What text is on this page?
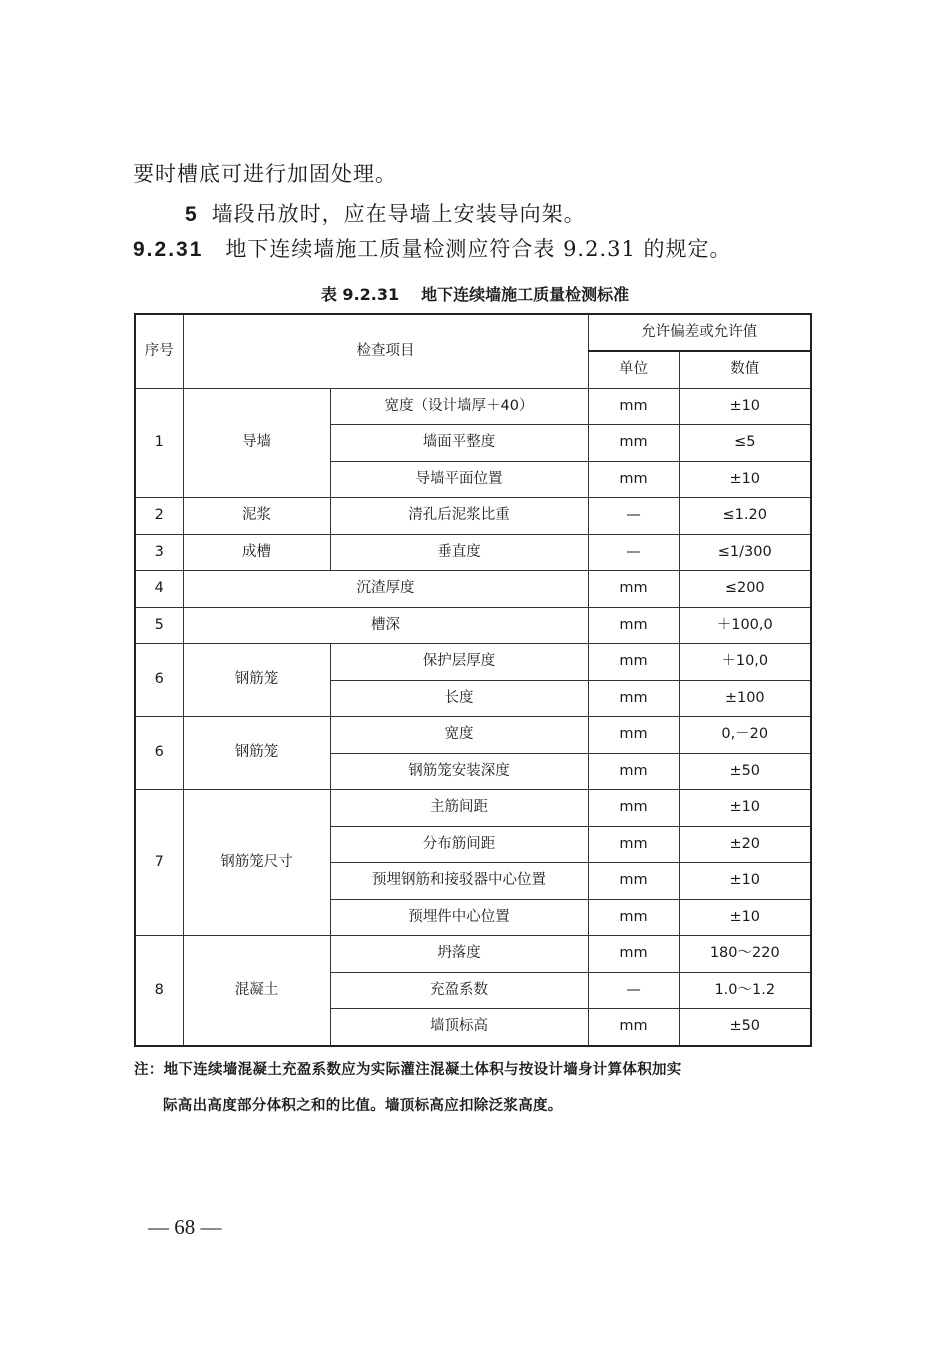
要时槽底可进行加固处理。
5 墙段吊放时，应在导墙上安装导向架。
9.2.31 地下连续墙施工质量检测应符合表 9.2.31 的规定。
表 9.2.31 地下连续墙施工质量检测标准
序号	检查项目		允许偏差或允许值	
			单位	数值
1	导墙	宽度（设计墙厚＋40）	mm	±10
		墙面平整度	mm	≤5
		导墙平面位置	mm	±10
2	泥浆	清孔后泥浆比重	—	≤1.20
3	成槽	垂直度	—	≤1/300
4	沉渣厚度		mm	≤200
5	槽深		mm	＋100,0
6	钢筋笼	保护层厚度	mm	＋10,0
		长度	mm	±100
6	钢筋笼	宽度	mm	0,－20
		钢筋笼安装深度	mm	±50
7	钢筋笼尺寸	主筋间距	mm	±10
		分布筋间距	mm	±20
		预埋钢筋和接驳器中心位置	mm	±10
		预埋件中心位置	mm	±10
8	混凝土	坍落度	mm	180～220
		充盈系数	—	1.0～1.2
		墙顶标高	mm	±50
注：地下连续墙混凝土充盈系数应为实际灌注混凝土体积与按设计墙身计算体积加实
际高出高度部分体积之和的比值。墙顶标高应扣除泛浆高度。
— 68 —
